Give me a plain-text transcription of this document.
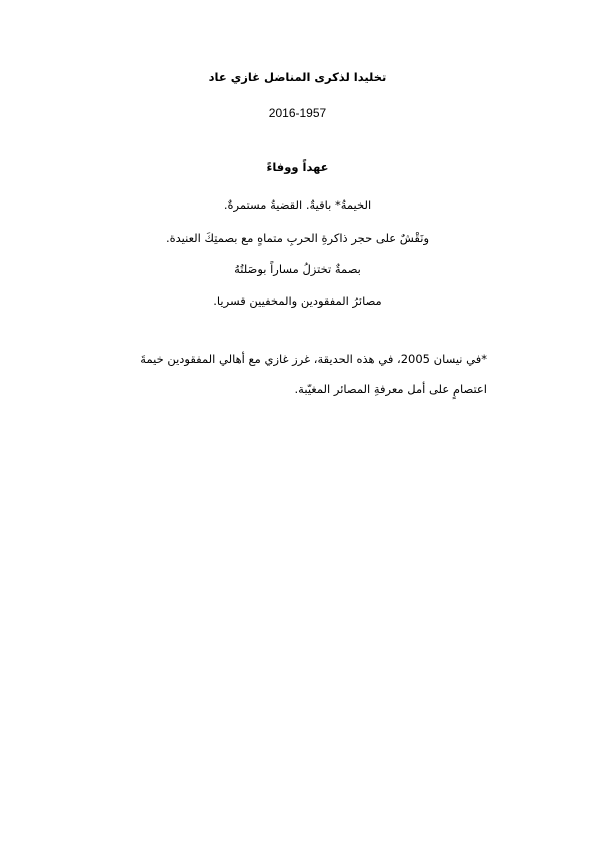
تخليدا لذكرى المناضل غازي عاد
2016-1957
عهداً ووفاءً
الخيمةُ* باقيةٌ. القضيةُ مستمرةٌ.
ونَقْشٌ على حجر ذاكرةِ الحربِ متماهٍ مع بصمتِكَ العنيدة.
بصمةٌ تختزلُ مساراً بوصَلتُهُ
مصائرُ المفقودين والمخفيين قسريا.
*في نيسان 2005، في هذه الحديقة، غرز غازي مع أهالي المفقودين خيمةَ
اعتصامٍ على أمل معرفةِ المصائر المغيّبة.
